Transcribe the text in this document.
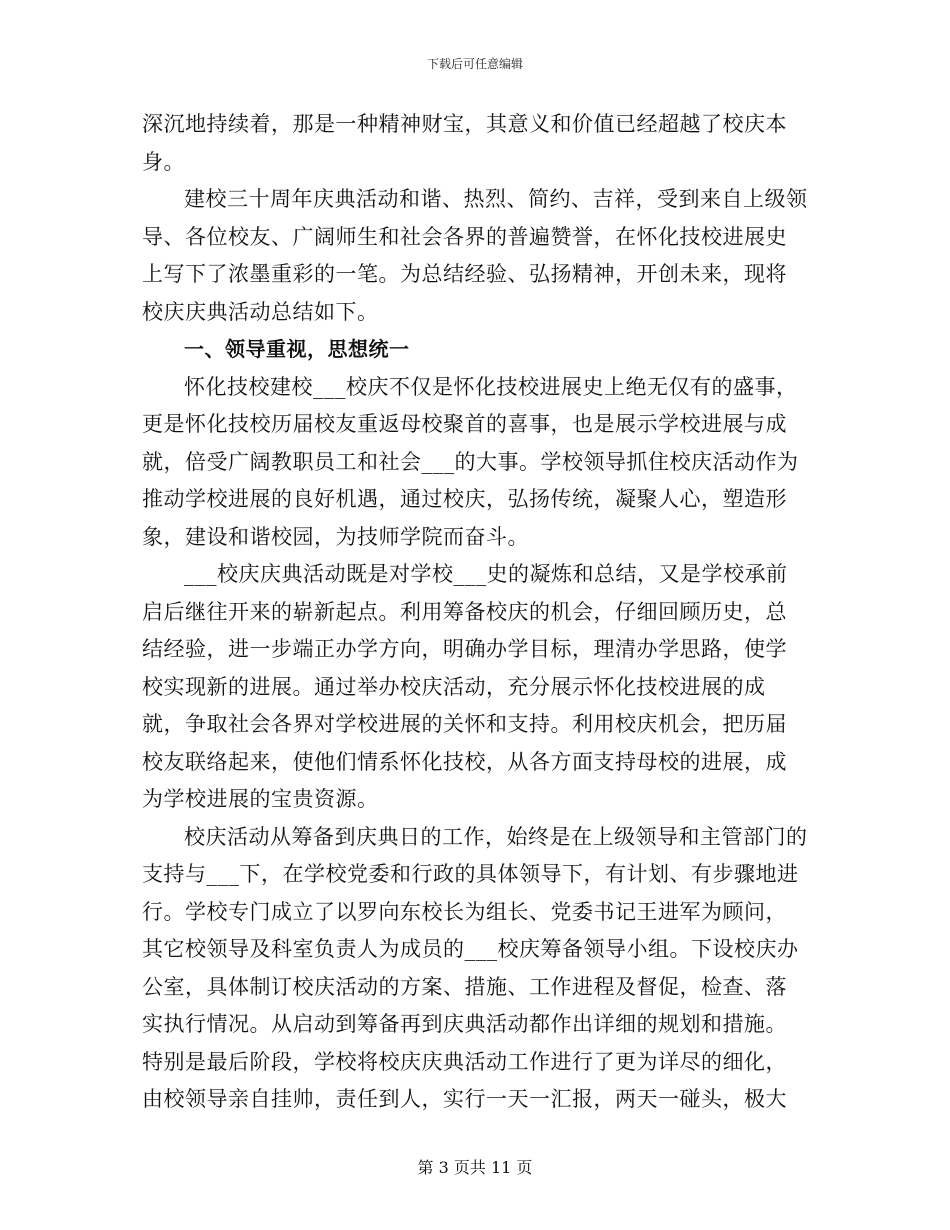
下载后可任意编辑

深沉地持续着，那是一种精神财宝，其意义和价值已经超越了校庆本身。

建校三十周年庆典活动和谐、热烈、简约、吉祥，受到来自上级领导、各位校友、广阔师生和社会各界的普遍赞誉，在怀化技校进展史上写下了浓墨重彩的一笔。为总结经验、弘扬精神，开创未来，现将校庆庆典活动总结如下。

一、领导重视，思想统一

怀化技校建校___校庆不仅是怀化技校进展史上绝无仅有的盛事，更是怀化技校历届校友重返母校聚首的喜事，也是展示学校进展与成就，倍受广阔教职员工和社会___的大事。学校领导抓住校庆活动作为推动学校进展的良好机遇，通过校庆，弘扬传统，凝聚人心，塑造形象，建设和谐校园，为技师学院而奋斗。

___校庆庆典活动既是对学校___史的凝炼和总结，又是学校承前启后继往开来的崭新起点。利用筹备校庆的机会，仔细回顾历史，总结经验，进一步端正办学方向，明确办学目标，理清办学思路，使学校实现新的进展。通过举办校庆活动，充分展示怀化技校进展的成就，争取社会各界对学校进展的关怀和支持。利用校庆机会，把历届校友联络起来，使他们情系怀化技校，从各方面支持母校的进展，成为学校进展的宝贵资源。

校庆活动从筹备到庆典日的工作，始终是在上级领导和主管部门的支持与___下，在学校党委和行政的具体领导下，有计划、有步骤地进行。学校专门成立了以罗向东校长为组长、党委书记王进军为顾问，其它校领导及科室负责人为成员的___校庆筹备领导小组。下设校庆办公室，具体制订校庆活动的方案、措施、工作进程及督促，检查、落实执行情况。从启动到筹备再到庆典活动都作出详细的规划和措施。特别是最后阶段，学校将校庆庆典活动工作进行了更为详尽的细化，由校领导亲自挂帅，责任到人，实行一天一汇报，两天一碰头，极大

第 3 页共 11 页
